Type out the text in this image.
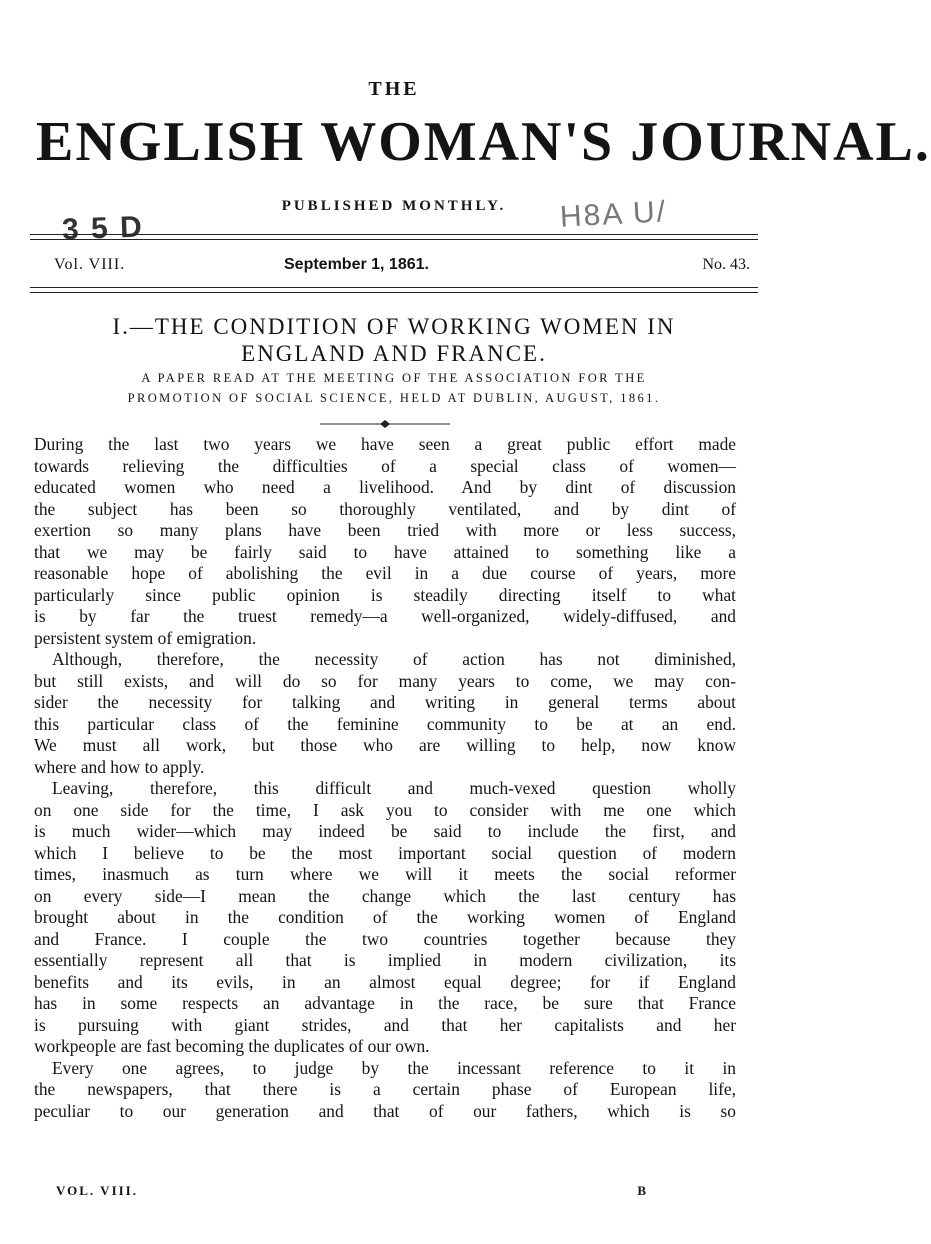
THE
ENGLISH WOMAN'S JOURNAL.
PUBLISHED MONTHLY.
3 5 D	H8A U/
Vol. VIII.	September 1, 1861.	No. 43.
I.—THE CONDITION OF WORKING WOMEN IN
ENGLAND AND FRANCE.
A PAPER READ AT THE MEETING OF THE ASSOCIATION FOR THE
PROMOTION OF SOCIAL SCIENCE, HELD AT DUBLIN, AUGUST, 1861.

During the last two years we have seen a great public effort made

towards relieving the difficulties of a special class of women—

educated women who need a livelihood. And by dint of discussion

the subject has been so thoroughly ventilated, and by dint of

exertion so many plans have been tried with more or less success,

that we may be fairly said to have attained to something like a

reasonable hope of abolishing the evil in a due course of years, more

particularly since public opinion is steadily directing itself to what

is by far the truest remedy—a well-organized, widely-diffused, and

persistent system of emigration.

Although, therefore, the necessity of action has not diminished,

but still exists, and will do so for many years to come, we may con-

sider the necessity for talking and writing in general terms about

this particular class of the feminine community to be at an end.

We must all work, but those who are willing to help, now know

where and how to apply.

Leaving, therefore, this difficult and much-vexed question wholly

on one side for the time, I ask you to consider with me one which

is much wider—which may indeed be said to include the first, and

which I believe to be the most important social question of modern

times, inasmuch as turn where we will it meets the social reformer

on every side—I mean the change which the last century has

brought about in the condition of the working women of England

and France. I couple the two countries together because they

essentially represent all that is implied in modern civilization, its

benefits and its evils, in an almost equal degree; for if England

has in some respects an advantage in the race, be sure that France

is pursuing with giant strides, and that her capitalists and her

workpeople are fast becoming the duplicates of our own.

Every one agrees, to judge by the incessant reference to it in

the newspapers, that there is a certain phase of European life,

peculiar to our generation and that of our fathers, which is so

VOL. VIII.	B
